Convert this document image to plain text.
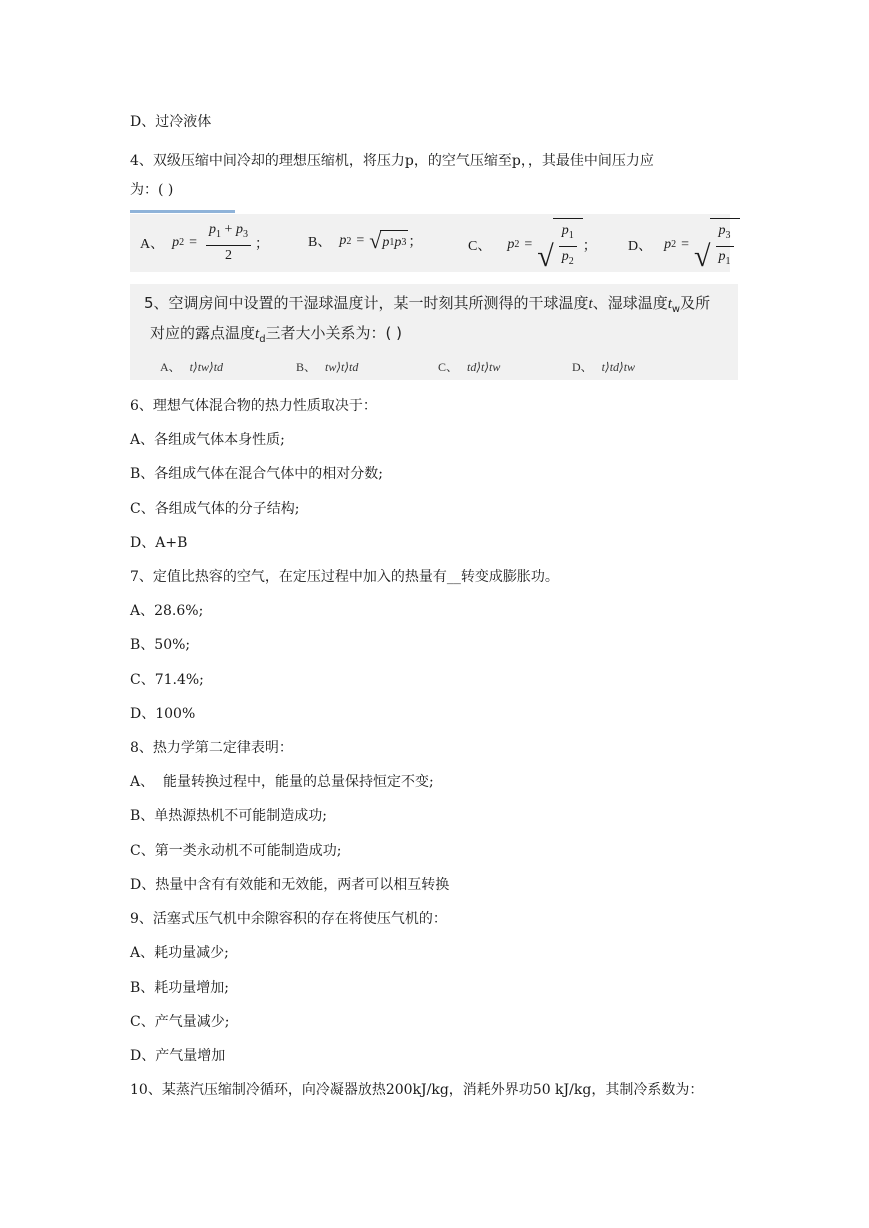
D、过冷液体
4、双级压缩中间冷却的理想压缩机，将压力p，的空气压缩至p，，其最佳中间压力应
为：( )
A、 p $2 = \frac{p_1 + p_3}{2}$ ；	B、 p 2 = √ p 1 p 3 ；	C、 p 2 = √ $\frac{p_1}{p_2}$ ； D、 p 2 = √ $\frac{p_3}{p_1}$
5、空调房间中设置的干湿球温度计，某一时刻其所测得的干球温度t、湿球温度$t_w$及所
对应的露点温度$t_d$三者大小关系为：( )
A、 t⟩tw⟩td	B、 tw⟩t⟩td	C、 td⟩t⟩tw	D、 t⟩td⟩tw
6、理想气体混合物的热力性质取决于：
A、各组成气体本身性质;
B、各组成气体在混合气体中的相对分数;
C、各组成气体的分子结构;
D、A+B
7、定值比热容的空气，在定压过程中加入的热量有__转变成膨胀功。
A、28.6%;
B、50%;
C、71.4%;
D、100%
8、热力学第二定律表明：
A、  能量转换过程中，能量的总量保持恒定不变;
B、单热源热机不可能制造成功;
C、第一类永动机不可能制造成功;
D、热量中含有有效能和无效能，两者可以相互转换
9、活塞式压气机中余隙容积的存在将使压气机的：
A、耗功量减少;
B、耗功量增加;
C、产气量减少;
D、产气量增加
10、某蒸汽压缩制冷循环，向冷凝器放热200kJ/kg，消耗外界功50 kJ/kg，其制冷系数为：
